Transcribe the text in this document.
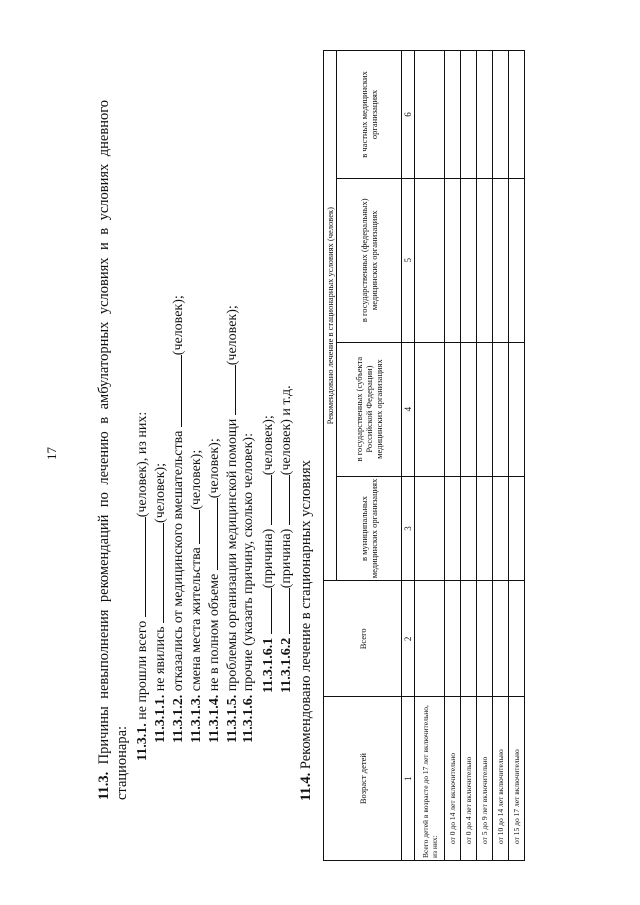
17
11.3. Причины невыполнения рекомендаций по лечению в амбулаторных условиях и в условиях дневного
стационара: 11.3.1. не прошли всего (человек), из них:
11.3.1.1. не явились (человек);
11.3.1.2. отказались от медицинского вмешательства (человек);
11.3.1.3. смена места жительства (человек);
11.3.1.4. не в полном объеме (человек);
11.3.1.5. проблемы организации медицинской помощи (человек);
11.3.1.6. прочие (указать причину, сколько человек): 11.3.1.6.1 (причина) (человек);
11.3.1.6.2 (причина) (человек) и т.д.
11.4. Рекомендовано лечение в стационарных условиях
Возраст детей	Всего	Рекомендовано лечение в стационарных условиях (человек)			
		в муниципальных медицинских организациях	в государственных (субъекта Российской Федерации) медицинских организациях	в государственных (федеральных) медицинских организациях	в частных медицинских организациях
1	2	3	4	5	6
Всего детей в возрасте до 17 лет включительно, из них:					
от 0 до 14 лет включительно					
от 0 до 4 лет включительно					
от 5 до 9 лет включительно					
от 10 до 14 лет включительно					
от 15 до 17 лет включительно					
